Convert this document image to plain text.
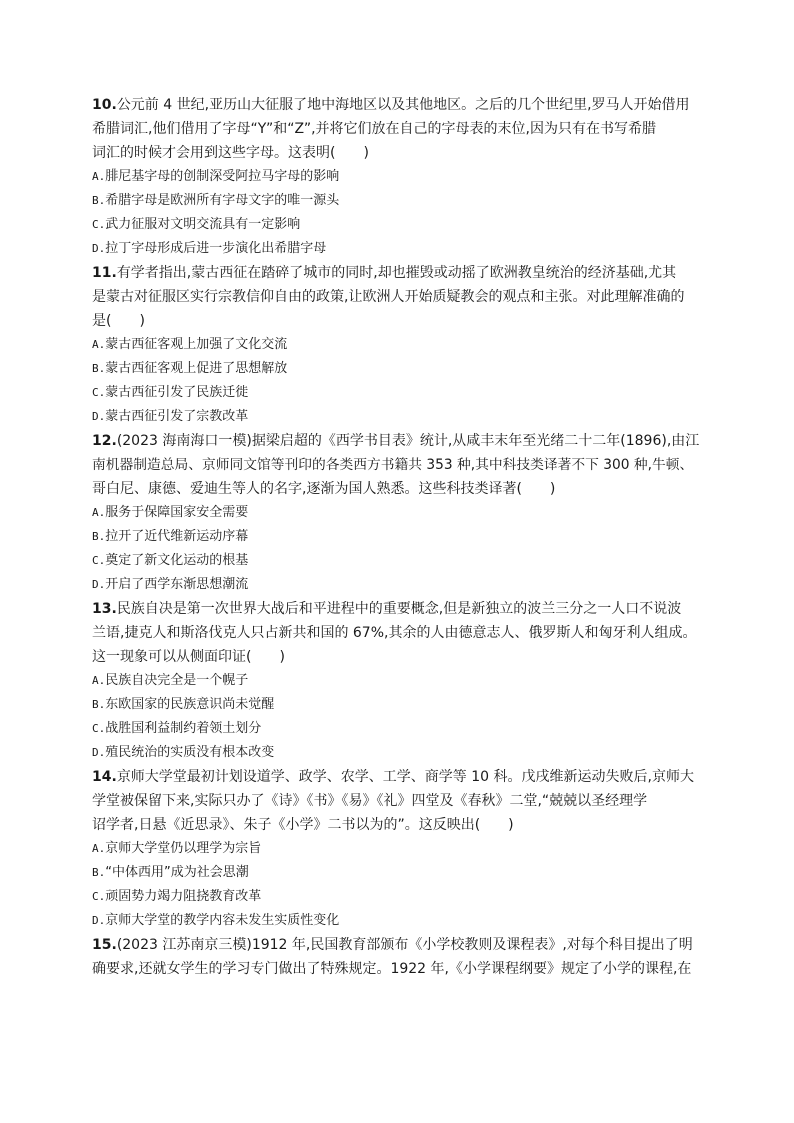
10.公元前 4 世纪,亚历山大征服了地中海地区以及其他地区。之后的几个世纪里,罗马人开始借用

希腊词汇,他们借用了字母“Y”和“Z”,并将它们放在自己的字母表的末位,因为只有在书写希腊

词汇的时候才会用到这些字母。这表明(　　)

A.腓尼基字母的创制深受阿拉马字母的影响

B.希腊字母是欧洲所有字母文字的唯一源头

C.武力征服对文明交流具有一定影响

D.拉丁字母形成后进一步演化出希腊字母

11.有学者指出,蒙古西征在踏碎了城市的同时,却也摧毁或动摇了欧洲教皇统治的经济基础,尤其

是蒙古对征服区实行宗教信仰自由的政策,让欧洲人开始质疑教会的观点和主张。对此理解准确的

是(　　)

A.蒙古西征客观上加强了文化交流

B.蒙古西征客观上促进了思想解放

C.蒙古西征引发了民族迁徙

D.蒙古西征引发了宗教改革

12.(2023 海南海口一模)据梁启超的《西学书目表》统计,从咸丰末年至光绪二十二年(1896),由江

南机器制造总局、京师同文馆等刊印的各类西方书籍共 353 种,其中科技类译著不下 300 种,牛顿、

哥白尼、康德、爱迪生等人的名字,逐渐为国人熟悉。这些科技类译著(　　)

A.服务于保障国家安全需要

B.拉开了近代维新运动序幕

C.奠定了新文化运动的根基

D.开启了西学东渐思想潮流

13.民族自决是第一次世界大战后和平进程中的重要概念,但是新独立的波兰三分之一人口不说波

兰语,捷克人和斯洛伐克人只占新共和国的 67%,其余的人由德意志人、俄罗斯人和匈牙利人组成。

这一现象可以从侧面印证(　　)

A.民族自决完全是一个幌子

B.东欧国家的民族意识尚未觉醒

C.战胜国利益制约着领土划分

D.殖民统治的实质没有根本改变

14.京师大学堂最初计划设道学、政学、农学、工学、商学等 10 科。戊戌维新运动失败后,京师大

学堂被保留下来,实际只办了《诗》《书》《易》《礼》四堂及《春秋》二堂,“兢兢以圣经理学

诏学者,日悬《近思录》、朱子《小学》二书以为的”。这反映出(　　)

A.京师大学堂仍以理学为宗旨

B.“中体西用”成为社会思潮

C.顽固势力竭力阻挠教育改革

D.京师大学堂的教学内容未发生实质性变化

15.(2023 江苏南京三模)1912 年,民国教育部颁布《小学校教则及课程表》,对每个科目提出了明

确要求,还就女学生的学习专门做出了特殊规定。1922 年,《小学课程纲要》规定了小学的课程,在
